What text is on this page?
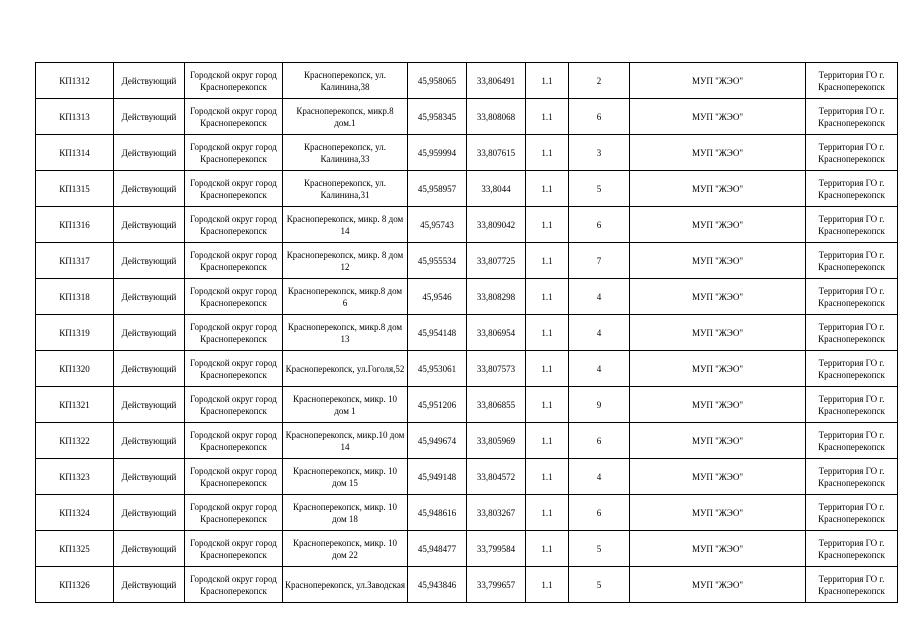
КП1312	Действующий	Городской округ город Красноперекопск	Красноперекопск, ул. Калинина,38	45,958065	33,806491	1.1	2	МУП "ЖЭО"	Территория ГО г. Красноперекопск
КП1313	Действующий	Городской округ город Красноперекопск	Красноперекопск, микр.8 дом.1	45,958345	33,808068	1.1	6	МУП "ЖЭО"	Территория ГО г. Красноперекопск
КП1314	Действующий	Городской округ город Красноперекопск	Красноперекопск, ул. Калинина,33	45,959994	33,807615	1.1	3	МУП "ЖЭО"	Территория ГО г. Красноперекопск
КП1315	Действующий	Городской округ город Красноперекопск	Красноперекопск, ул. Калинина,31	45,958957	33,8044	1.1	5	МУП "ЖЭО"	Территория ГО г. Красноперекопск
КП1316	Действующий	Городской округ город Красноперекопск	Красноперекопск, микр. 8 дом 14	45,95743	33,809042	1.1	6	МУП "ЖЭО"	Территория ГО г. Красноперекопск
КП1317	Действующий	Городской округ город Красноперекопск	Красноперекопск, микр. 8 дом 12	45,955534	33,807725	1.1	7	МУП "ЖЭО"	Территория ГО г. Красноперекопск
КП1318	Действующий	Городской округ город Красноперекопск	Красноперекопск, микр.8 дом 6	45,9546	33,808298	1.1	4	МУП "ЖЭО"	Территория ГО г. Красноперекопск
КП1319	Действующий	Городской округ город Красноперекопск	Красноперекопск, микр.8 дом 13	45,954148	33,806954	1.1	4	МУП "ЖЭО"	Территория ГО г. Красноперекопск
КП1320	Действующий	Городской округ город Красноперекопск	Красноперекопск, ул.Гоголя,52	45,953061	33,807573	1.1	4	МУП "ЖЭО"	Территория ГО г. Красноперекопск
КП1321	Действующий	Городской округ город Красноперекопск	Красноперекопск, микр. 10 дом 1	45,951206	33,806855	1.1	9	МУП "ЖЭО"	Территория ГО г. Красноперекопск
КП1322	Действующий	Городской округ город Красноперекопск	Красноперекопск, микр.10 дом 14	45,949674	33,805969	1.1	6	МУП "ЖЭО"	Территория ГО г. Красноперекопск
КП1323	Действующий	Городской округ город Красноперекопск	Красноперекопск, микр. 10 дом 15	45,949148	33,804572	1.1	4	МУП "ЖЭО"	Территория ГО г. Красноперекопск
КП1324	Действующий	Городской округ город Красноперекопск	Красноперекопск, микр. 10 дом 18	45,948616	33,803267	1.1	6	МУП "ЖЭО"	Территория ГО г. Красноперекопск
КП1325	Действующий	Городской округ город Красноперекопск	Красноперекопск, микр. 10 дом 22	45,948477	33,799584	1.1	5	МУП "ЖЭО"	Территория ГО г. Красноперекопск
КП1326	Действующий	Городской округ город Красноперекопск	Красноперекопск, ул.Заводская	45,943846	33,799657	1.1	5	МУП "ЖЭО"	Территория ГО г. Красноперекопск
